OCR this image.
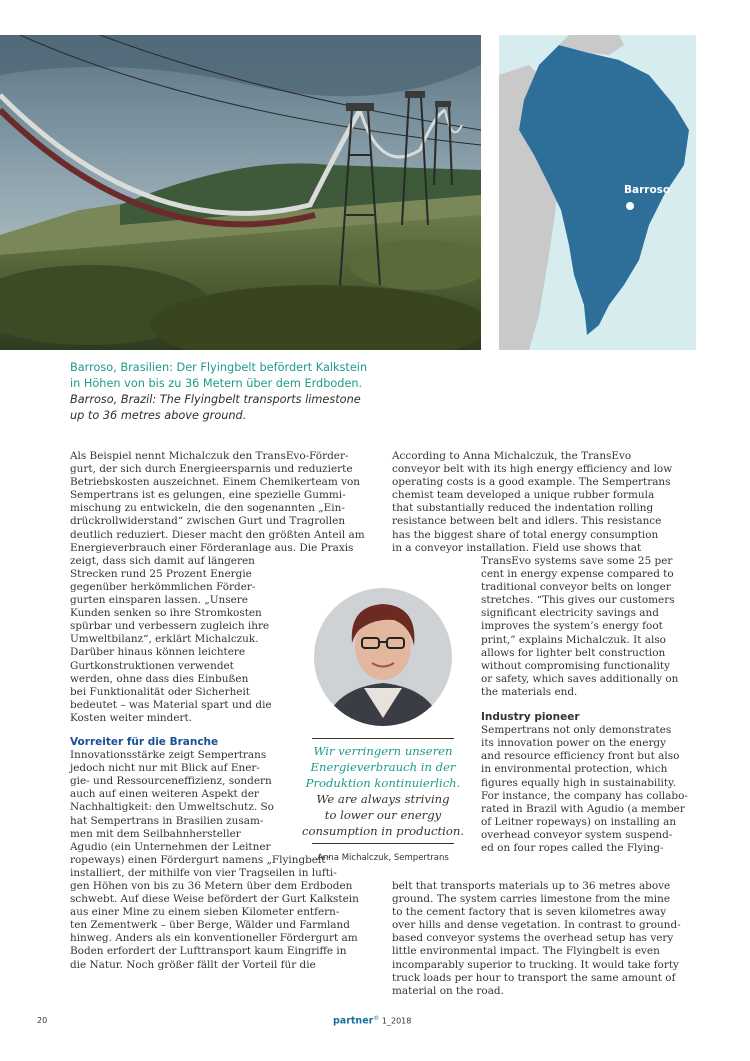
Barroso
Barroso, Brasilien: Der Flyingbelt befördert Kalkstein
in Höhen von bis zu 36 Metern über dem Erdboden.
Barroso, Brazil: The Flyingbelt transports limestone
up to 36 metres above ground.

Als Beispiel nennt Michalczuk den TransEvo-Förder-
gurt, der sich durch Energieersparnis und reduzierte
Betriebskosten auszeichnet. Einem Chemikerteam von
Sempertrans ist es gelungen, eine spezielle Gummi-
mischung zu entwickeln, die den sogenannten „Ein-
drückrollwiderstand“ zwischen Gurt und Tragrollen
deutlich reduziert. Dieser macht den größten Anteil am
Energieverbrauch einer Förderanlage aus. Die Praxis
zeigt, dass sich damit auf längeren
Strecken rund 25 Prozent Energie
gegenüber herkömmlichen Förder-
gurten einsparen lassen. „Unsere
Kunden senken so ihre Stromkosten
spürbar und verbessern zugleich ihre
Umweltbilanz“, erklärt Michalczuk.
Darüber hinaus können leichtere
Gurtkonstruktionen verwendet
werden, ohne dass dies Einbußen
bei Funktionalität oder Sicherheit
bedeutet – was Material spart und die
Kosten weiter mindert.

Vorreiter für die Branche

Innovationsstärke zeigt Sempertrans
jedoch nicht nur mit Blick auf Ener-
gie- und Ressourceneffizienz, sondern
auch auf einen weiteren Aspekt der
Nachhaltigkeit: den Umweltschutz. So
hat Sempertrans in Brasilien zusam-
men mit dem Seilbahnhersteller
Agudio (ein Unternehmen der Leitner
ropeways) einen Fördergurt namens „Flyingbelt“
installiert, der mithilfe von vier Tragseilen in lufti-
gen Höhen von bis zu 36 Metern über dem Erdboden
schwebt. Auf diese Weise befördert der Gurt Kalkstein
aus einer Mine zu einem sieben Kilometer entfern-
ten Zementwerk – über Berge, Wälder und Farmland
hinweg. Anders als ein konventioneller Fördergurt am
Boden erfordert der Lufttransport kaum Eingriffe in
die Natur. Noch größer fällt der Vorteil für die

According to Anna Michalczuk, the TransEvo
conveyor belt with its high energy efficiency and low
operating costs is a good example. The Sempertrans
chemist team developed a unique rubber formula
that substantially reduced the indentation rolling
resistance between belt and idlers. This resistance
has the biggest share of total energy consumption
in a conveyor installation. Field use shows that

TransEvo systems save some 25 per
cent in energy expense compared to
traditional conveyor belts on longer
stretches. “This gives our customers
significant electricity savings and
improves the system’s energy foot
print,” explains Michalczuk. It also
allows for lighter belt construction
without compromising functionality
or safety, which saves additionally on
the materials end.

Industry pioneer

Sempertrans not only demonstrates
its innovation power on the energy
and resource efficiency front but also
in environmental protection, which
figures equally high in sustainability.
For instance, the company has collabo-
rated in Brazil with Agudio (a member
of Leitner ropeways) on installing an
overhead conveyor system suspend-
ed on four ropes called the Flying-

belt that transports materials up to 36 metres above
ground. The system carries limestone from the mine
to the cement factory that is seven kilometres away
over hills and dense vegetation. In contrast to ground-
based conveyor systems the overhead setup has very
little environmental impact. The Flyingbelt is even
incomparably superior to trucking. It would take forty
truck loads per hour to transport the same amount of
material on the road.

Wir verringern unseren
Energieverbrauch in der
Produktion kontinuierlich.
We are always striving
to lower our energy
consumption in production.
Anna Michalczuk, Sempertrans
20	partner® 1_2018
